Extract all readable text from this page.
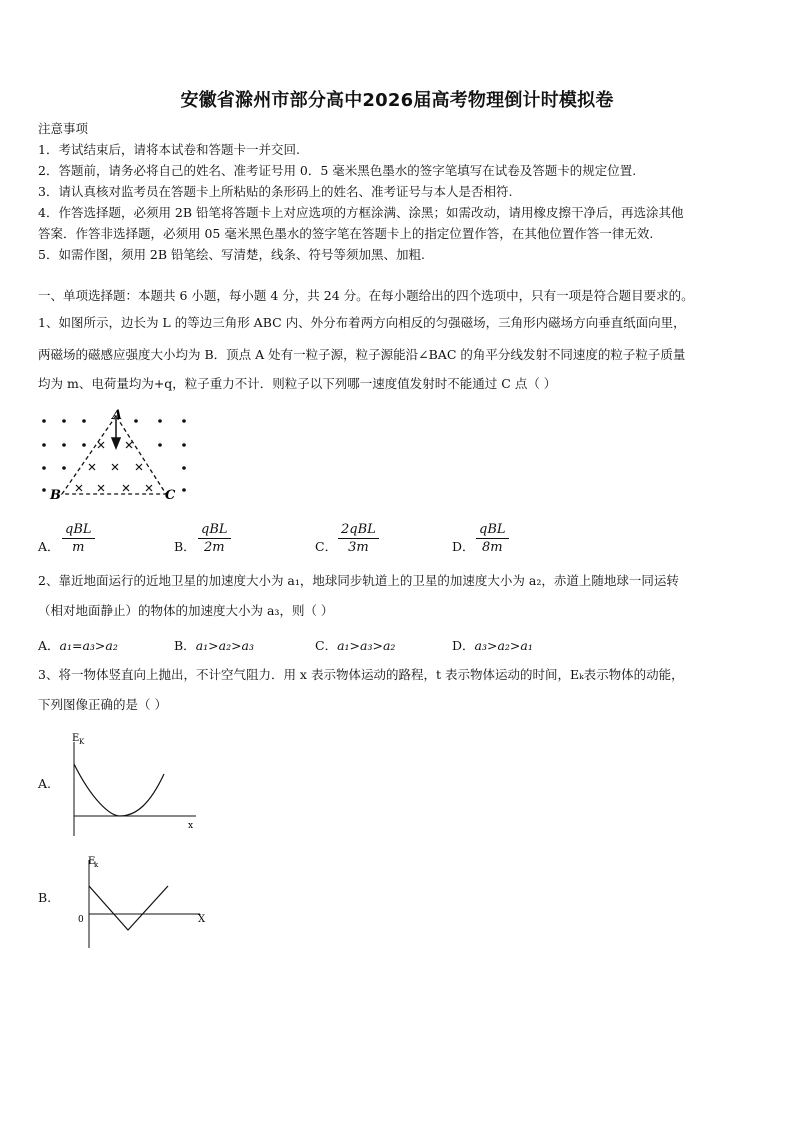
安徽省滁州市部分高中2026届高考物理倒计时模拟卷
注意事项
1．考试结束后，请将本试卷和答题卡一并交回.
2．答题前，请务必将自己的姓名、准考证号用 0．5 毫米黑色墨水的签字笔填写在试卷及答题卡的规定位置.
3．请认真核对监考员在答题卡上所粘贴的条形码上的姓名、准考证号与本人是否相符.
4．作答选择题，必须用 2B 铅笔将答题卡上对应选项的方框涂满、涂黑；如需改动，请用橡皮擦干净后，再选涂其他
答案．作答非选择题，必须用 05 毫米黑色墨水的签字笔在答题卡上的指定位置作答，在其他位置作答一律无效.
5．如需作图，须用 2B 铅笔绘、写清楚，线条、符号等须加黑、加粗.
一、单项选择题：本题共 6 小题，每小题 4 分，共 24 分。在每小题给出的四个选项中，只有一项是符合题目要求的。
1、如图所示，边长为 L 的等边三角形 ABC 内、外分布着两方向相反的匀强磁场，三角形内磁场方向垂直纸面向里，
两磁场的磁感应强度大小均为 B．顶点 A 处有一粒子源，粒子源能沿∠BAC 的角平分线发射不同速度的粒子粒子质量
均为 m、电荷量均为+q，粒子重力不计．则粒子以下列哪一速度值发射时不能通过 C 点（ ）
A
B	C
A．
qBL
m	B．
qBL
2m	C．
2qBL
3m	D．
qBL
8m
2、靠近地面运行的近地卫星的加速度大小为 a₁，地球同步轨道上的卫星的加速度大小为 a₂，赤道上随地球一同运转
（相对地面静止）的物体的加速度大小为 a₃，则（ ）
A．a₁=a₃>a₂	B．a₁>a₂>a₃	C．a₁>a₃>a₂	D．a₃>a₂>a₁
3、将一物体竖直向上抛出，不计空气阻力．用 x 表示物体运动的路程，t 表示物体运动的时间，Eₖ表示物体的动能，
下列图像正确的是（ ）
A.
E K
x
B.
E
k
0	X
